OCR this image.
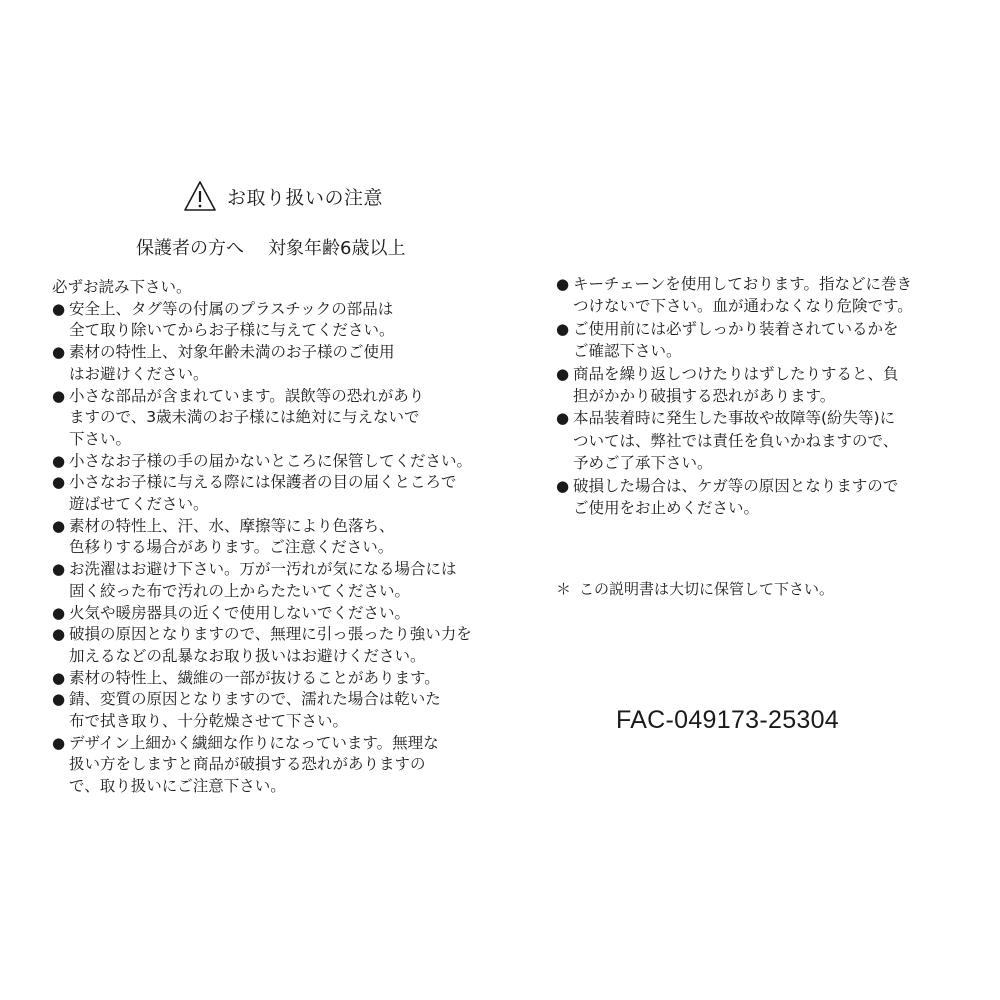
お取り扱いの注意
保護者の方へ 対象年齢6歳以上
必ずお読み下さい。
● 安全上、タグ等の付属のプラスチックの部品は
全て取り除いてからお子様に与えてください。
● 素材の特性上、対象年齢未満のお子様のご使用
はお避けください。
● 小さな部品が含まれています。誤飲等の恐れがあり
ますので、3歳未満のお子様には絶対に与えないで
下さい。
● 小さなお子様の手の届かないところに保管してください。
● 小さなお子様に与える際には保護者の目の届くところで
遊ばせてください。
● 素材の特性上、汗、水、摩擦等により色落ち、
色移りする場合があります。ご注意ください。
● お洗濯はお避け下さい。万が一汚れが気になる場合には
固く絞った布で汚れの上からたたいてください。
● 火気や暖房器具の近くで使用しないでください。
● 破損の原因となりますので、無理に引っ張ったり強い力を
加えるなどの乱暴なお取り扱いはお避けください。
● 素材の特性上、繊維の一部が抜けることがあります。
● 錆、変質の原因となりますので、濡れた場合は乾いた
布で拭き取り、十分乾燥させて下さい。
● デザイン上細かく繊細な作りになっています。無理な
扱い方をしますと商品が破損する恐れがありますの
で、取り扱いにご注意下さい。
● キーチェーンを使用しております。指などに巻き
つけないで下さい。血が通わなくなり危険です。
● ご使用前には必ずしっかり装着されているかを
ご確認下さい。
● 商品を繰り返しつけたりはずしたりすると、負
担がかかり破損する恐れがあります。
● 本品装着時に発生した事故や故障等(紛失等)に
ついては、弊社では責任を負いかねますので、
予めご了承下さい。
● 破損した場合は、ケガ等の原因となりますので
ご使用をお止めください。
＊ この説明書は大切に保管して下さい。
FAC-049173-25304
